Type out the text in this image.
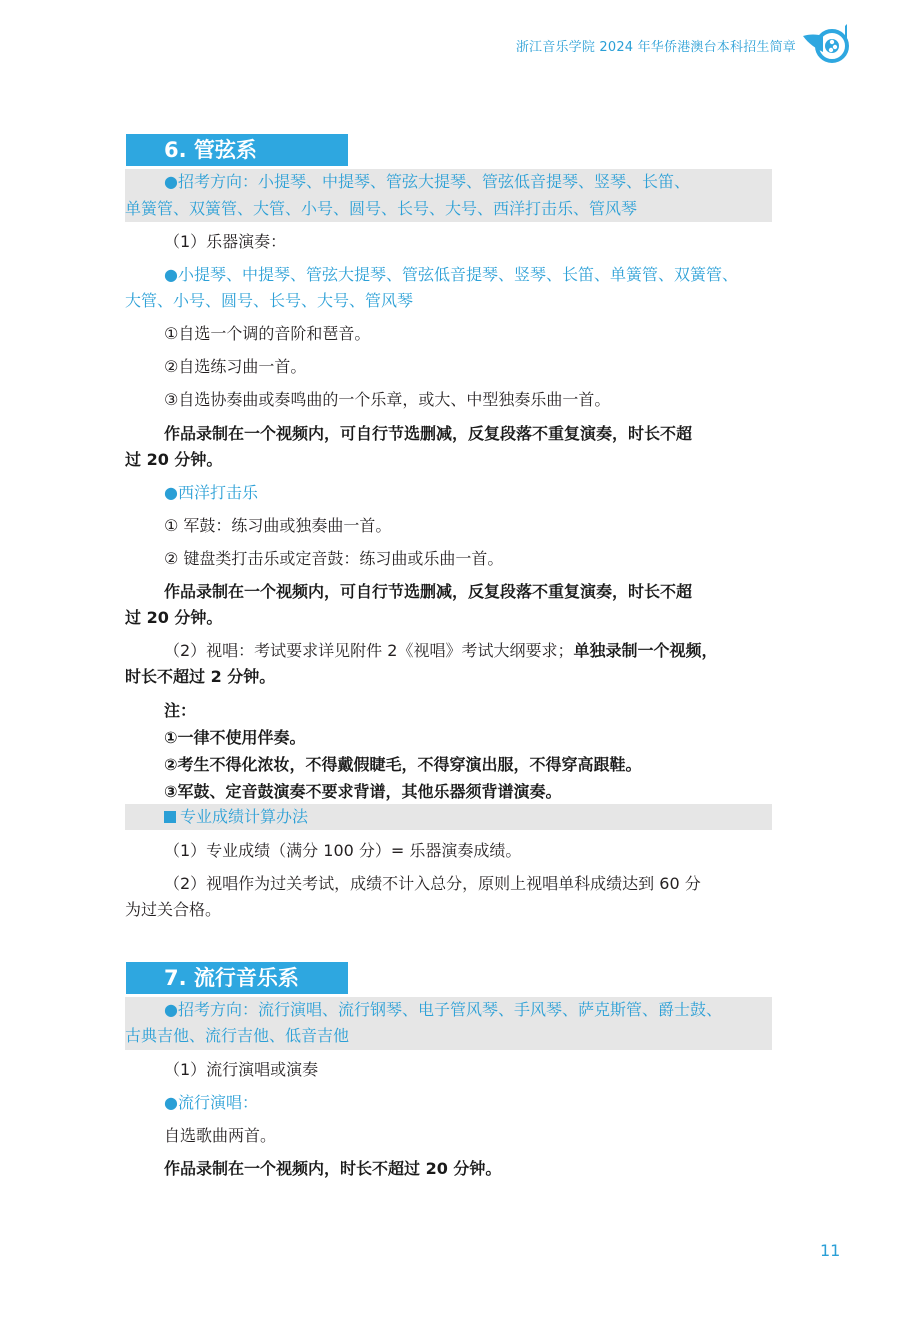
浙江音乐学院 2024 年华侨港澳台本科招生简章
6. 管弦系

●招考方向：小提琴、中提琴、管弦大提琴、管弦低音提琴、竖琴、长笛、

单簧管、双簧管、大管、小号、圆号、长号、大号、西洋打击乐、管风琴

（1）乐器演奏：

●小提琴、中提琴、管弦大提琴、管弦低音提琴、竖琴、长笛、单簧管、双簧管、

大管、小号、圆号、长号、大号、管风琴

①自选一个调的音阶和琶音。

②自选练习曲一首。

③自选协奏曲或奏鸣曲的一个乐章，或大、中型独奏乐曲一首。

作品录制在一个视频内，可自行节选删减，反复段落不重复演奏，时长不超

过 20 分钟。

●西洋打击乐

① 军鼓：练习曲或独奏曲一首。

② 键盘类打击乐或定音鼓：练习曲或乐曲一首。

作品录制在一个视频内，可自行节选删减，反复段落不重复演奏，时长不超

过 20 分钟。

（2）视唱：考试要求详见附件 2《视唱》考试大纲要求；单独录制一个视频，

时长不超过 2 分钟。

注：

①一律不使用伴奏。

②考生不得化浓妆，不得戴假睫毛，不得穿演出服，不得穿高跟鞋。

③军鼓、定音鼓演奏不要求背谱，其他乐器须背谱演奏。

专业成绩计算办法

（1）专业成绩（满分 100 分）= 乐器演奏成绩。

（2）视唱作为过关考试，成绩不计入总分，原则上视唱单科成绩达到 60 分

为过关合格。

7. 流行音乐系

●招考方向：流行演唱、流行钢琴、电子管风琴、手风琴、萨克斯管、爵士鼓、

古典吉他、流行吉他、低音吉他

（1）流行演唱或演奏

●流行演唱：

自选歌曲两首。

作品录制在一个视频内，时长不超过 20 分钟。

11
